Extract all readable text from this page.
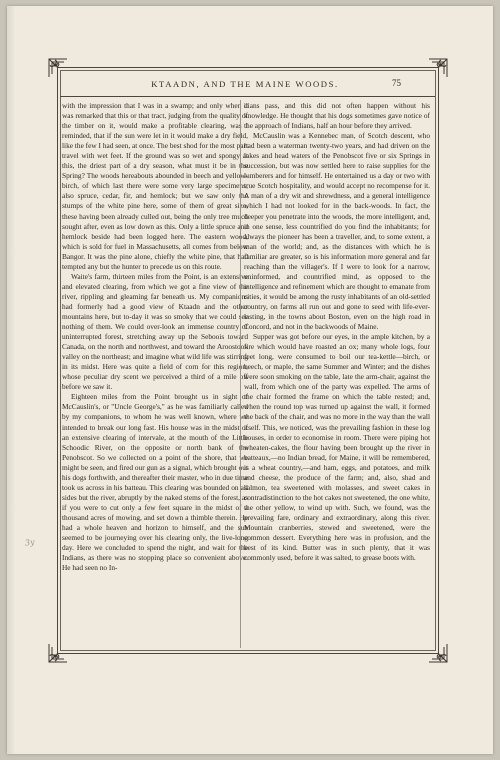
KTAADN, AND THE MAINE WOODS.	75

with the impression that I was in a swamp; and only when it was remarked that this or that tract, judging from the quality of the timber on it, would make a profitable clearing, was I reminded, that if the sun were let in it would make a dry field, like the few I had seen, at once. The best shod for the most part travel with wet feet. If the ground was so wet and spongy at this, the driest part of a dry season, what must it be in the Spring? The woods hereabouts abounded in beech and yellow-birch, of which last there were some very large specimens; also spruce, cedar, fir, and hemlock; but we saw only the stumps of the white pine here, some of them of great size, these having been already culled out, being the only tree much sought after, even as low down as this. Only a little spruce and hemlock beside had been logged here. The eastern wood, which is sold for fuel in Massachusetts, all comes from below Bangor. It was the pine alone, chiefly the white pine, that had tempted any but the hunter to precede us on this route.

Waite's farm, thirteen miles from the Point, is an extensive and elevated clearing, from which we got a fine view of the river, rippling and gleaming far beneath us. My companions had formerly had a good view of Ktaadn and the other mountains here, but to-day it was so smoky that we could see nothing of them. We could over-look an immense country of uninterrupted forest, stretching away up the Seboois toward Canada, on the north and northwest, and toward the Aroostook valley on the northeast; and imagine what wild life was stirring in its midst. Here was quite a field of corn for this region, whose peculiar dry scent we perceived a third of a mile off before we saw it.

Eighteen miles from the Point brought us in sight of McCauslin's, or "Uncle George's," as he was familiarly called by my companions, to whom he was well known, where we intended to break our long fast. His house was in the midst of an extensive clearing of intervale, at the mouth of the Little Schoodic River, on the opposite or north bank of the Penobscot. So we collected on a point of the shore, that we might be seen, and fired our gun as a signal, which brought out his dogs forthwith, and thereafter their master, who in due time took us across in his batteau. This clearing was bounded on all sides but the river, abruptly by the naked stems of the forest, as if you were to cut only a few feet square in the midst of a thousand acres of mowing, and set down a thimble therein. He had a whole heaven and horizon to himself, and the sun seemed to be journeying over his clearing only, the live-long day. Here we concluded to spend the night, and wait for the Indians, as there was no stopping place so convenient above. He had seen no In-

dians pass, and this did not often happen without his knowledge. He thought that his dogs sometimes gave notice of the approach of Indians, half an hour before they arrived.

McCauslin was a Kennebec man, of Scotch descent, who had been a waterman twenty-two years, and had driven on the lakes and head waters of the Penobscot five or six Springs in succession, but was now settled here to raise supplies for the lumberers and for himself. He entertained us a day or two with true Scotch hospitality, and would accept no recompense for it. A man of a dry wit and shrewdness, and a general intelligence which I had not looked for in the back-woods. In fact, the deeper you penetrate into the woods, the more intelligent, and, in one sense, less countrified do you find the inhabitants; for always the pioneer has been a traveller, and, to some extent, a man of the world; and, as the distances with which he is familiar are greater, so is his information more general and far reaching than the villager's. If I were to look for a narrow, uninformed, and countrified mind, as opposed to the intelligence and refinement which are thought to emanate from cities, it would be among the rusty inhabitants of an old-settled country, on farms all run out and gone to seed with life-ever-lasting, in the towns about Boston, even on the high road in Concord, and not in the backwoods of Maine.

Supper was got before our eyes, in the ample kitchen, by a fire which would have roasted an ox; many whole logs, four feet long, were consumed to boil our tea-kettle—birch, or beech, or maple, the same Summer and Winter; and the dishes were soon smoking on the table, late the arm-chair, against the wall, from which one of the party was expelled. The arms of the chair formed the frame on which the table rested; and, when the round top was turned up against the wall, it formed the back of the chair, and was no more in the way than the wall itself. This, we noticed, was the prevailing fashion in these log houses, in order to economise in room. There were piping hot wheaten-cakes, the flour having been brought up the river in batteaux,—no Indian bread, for Maine, it will be remembered, is a wheat country,—and ham, eggs, and potatoes, and milk and cheese, the produce of the farm; and, also, shad and salmon, tea sweetened with molasses, and sweet cakes in contradistinction to the hot cakes not sweetened, the one white, the other yellow, to wind up with. Such, we found, was the prevailing fare, ordinary and extraordinary, along this river. Mountain cranberries, stewed and sweetened, were the common dessert. Everything here was in profusion, and the best of its kind. Butter was in such plenty, that it was commonly used, before it was salted, to grease boots with.

3y
